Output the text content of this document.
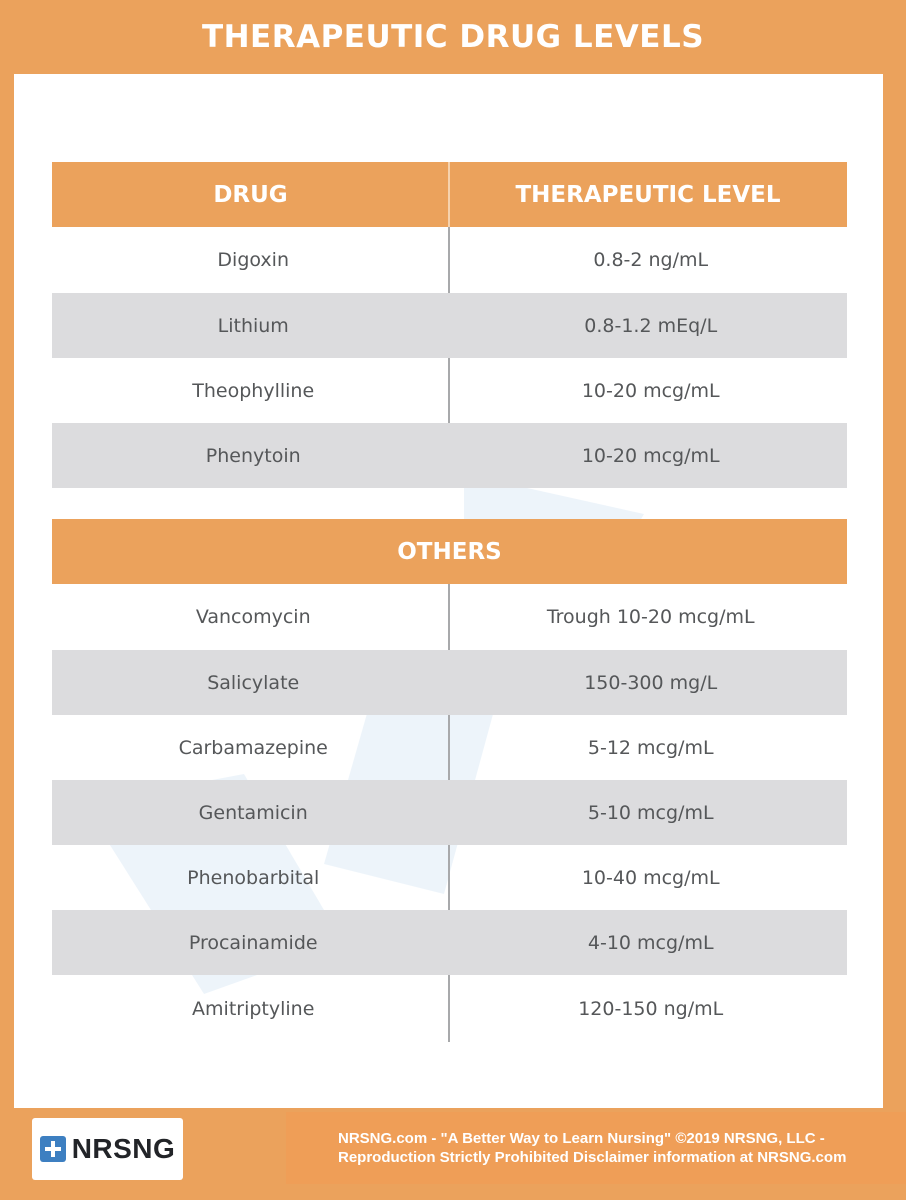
THERAPEUTIC DRUG LEVELS
DRUG	THERAPEUTIC LEVEL
Digoxin	0.8-2 ng/mL
Lithium	0.8-1.2 mEq/L
Theophylline	10-20 mcg/mL
Phenytoin	10-20 mcg/mL
OTHERS
Vancomycin	Trough 10-20 mcg/mL
Salicylate	150-300 mg/L
Carbamazepine	5-12 mcg/mL
Gentamicin	5-10 mcg/mL
Phenobarbital	10-40 mcg/mL
Procainamide	4-10 mcg/mL
Amitriptyline	120-150 ng/mL
NRSNG	NRSNG.com - "A Better Way to Learn Nursing" ©2019 NRSNG, LLC -
Reproduction Strictly Prohibited Disclaimer information at NRSNG.com
